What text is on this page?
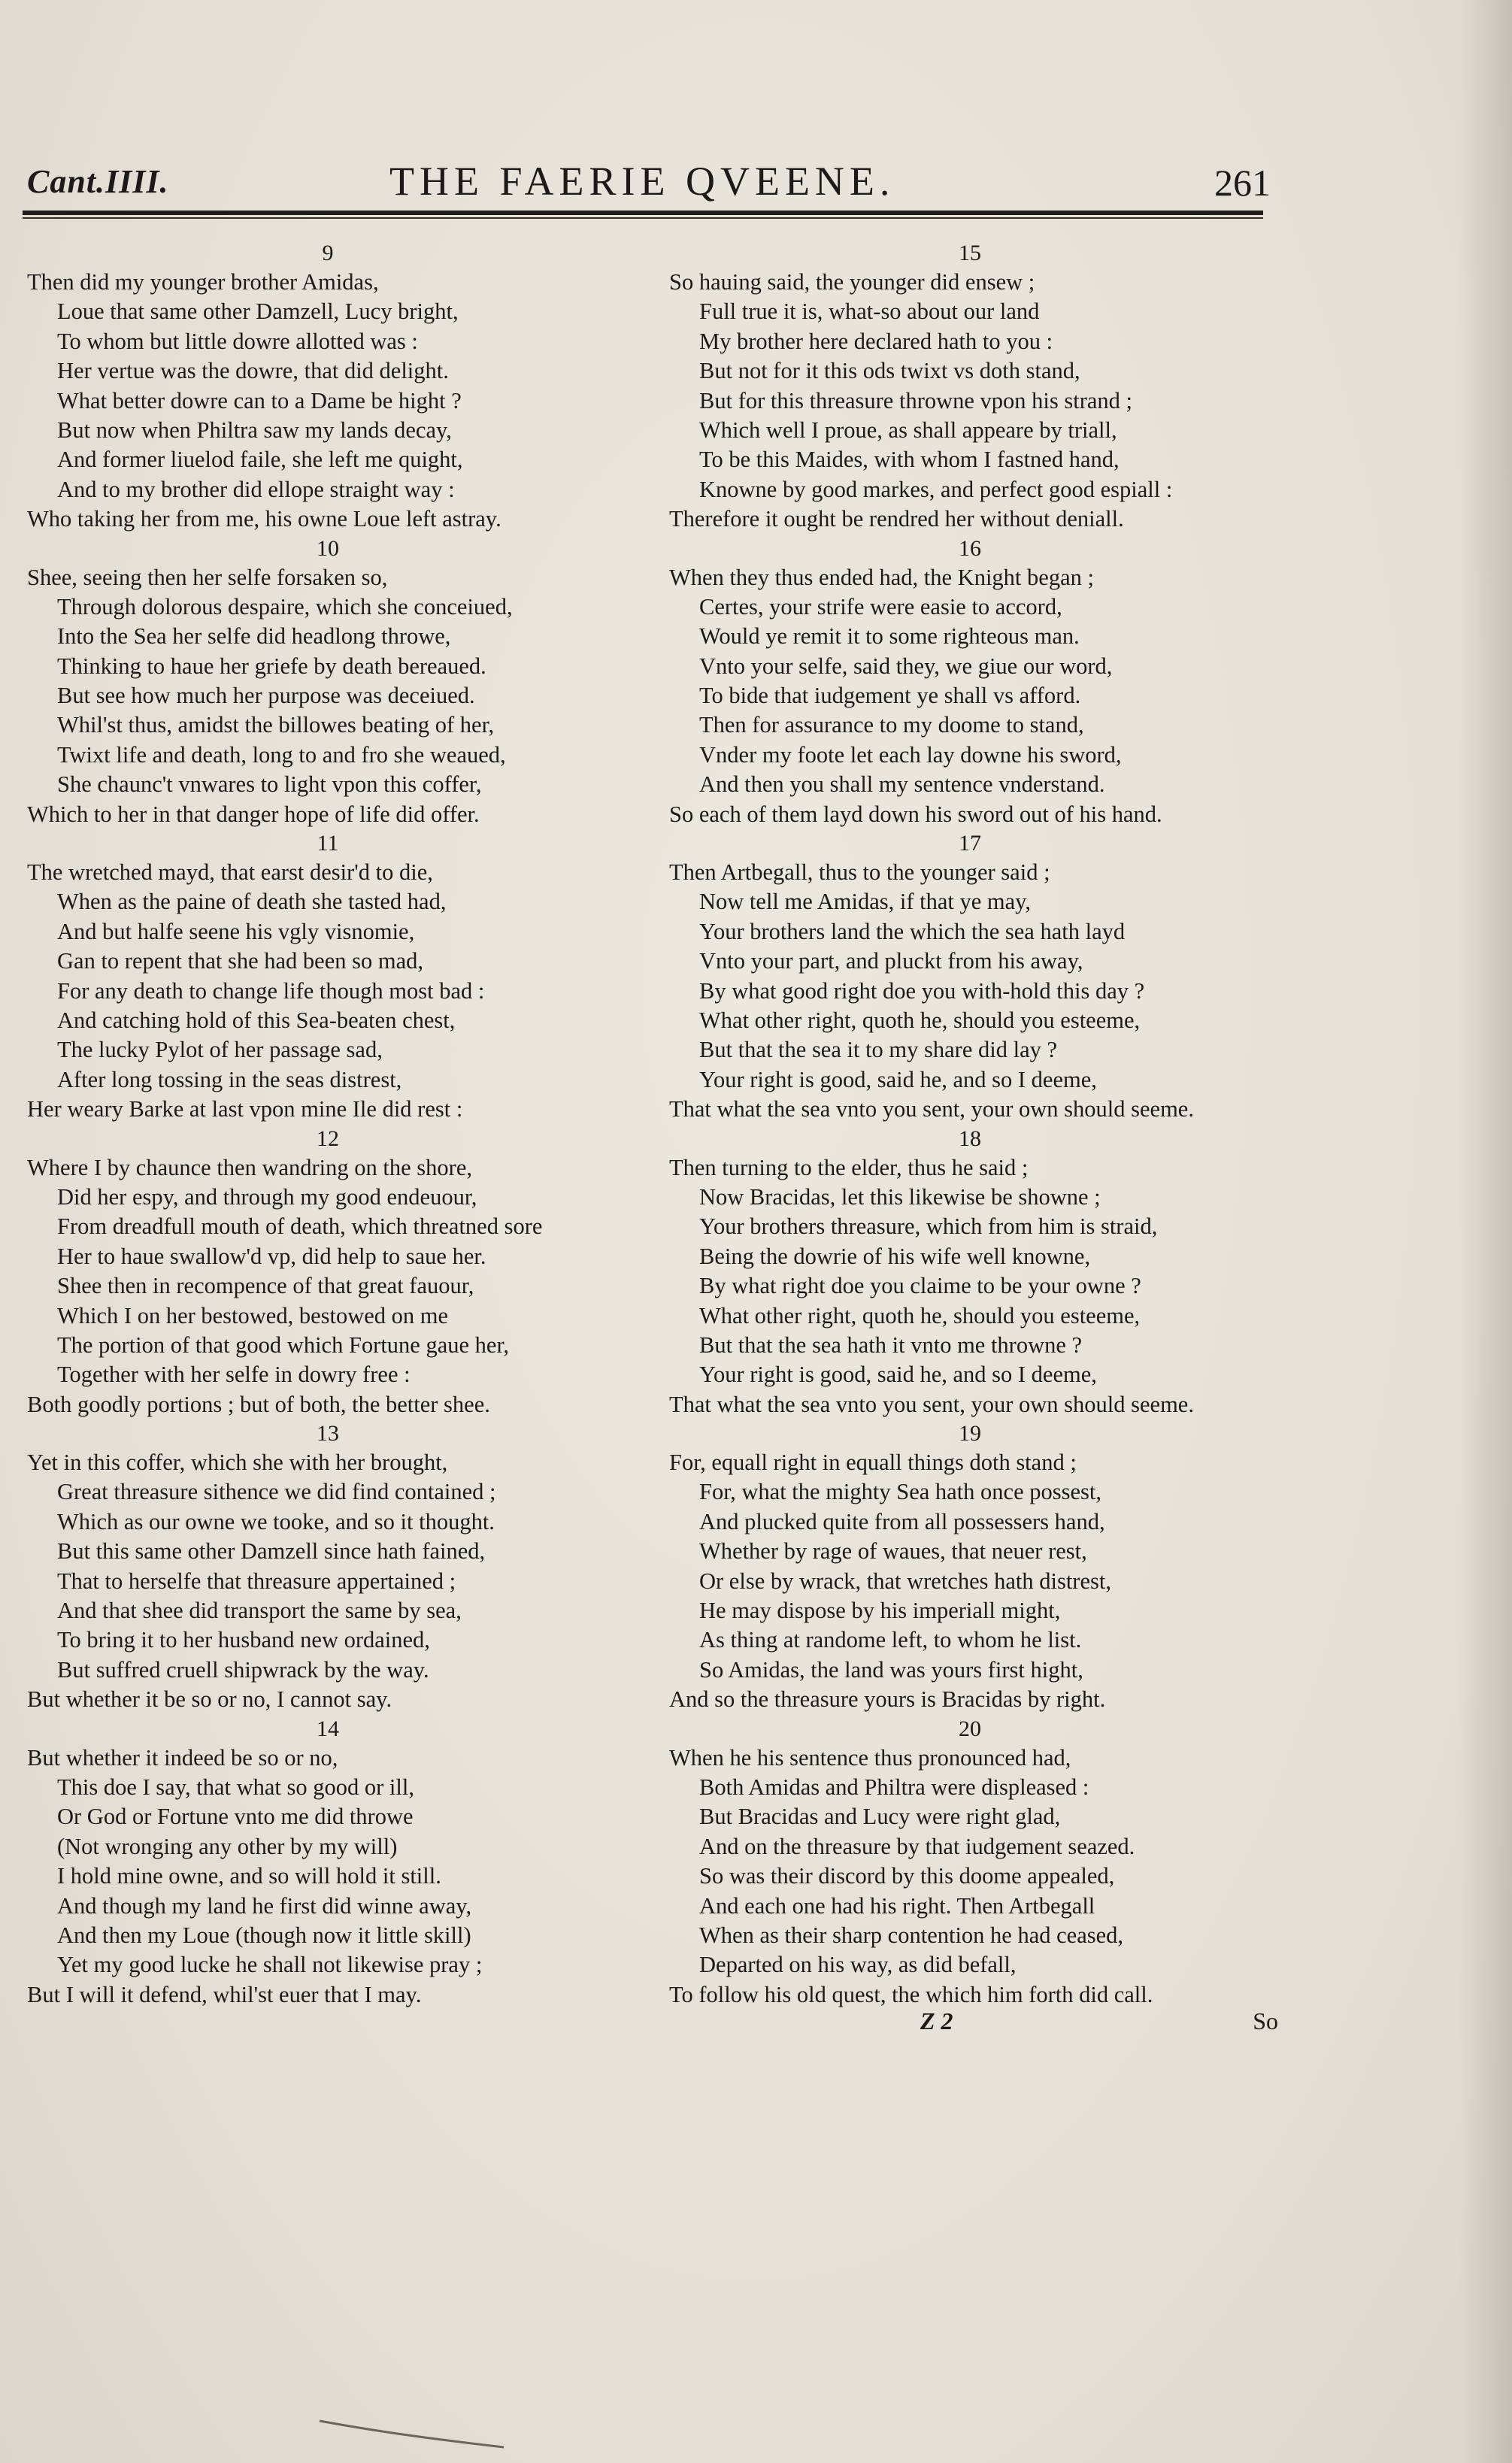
Cant.IIII.	THE FAERIE QVEENE.	261
9
Then did my younger brother Amidas,
Loue that same other Damzell, Lucy bright,
To whom but little dowre allotted was :
Her vertue was the dowre, that did delight.
What better dowre can to a Dame be hight ?
But now when Philtra saw my lands decay,
And former liuelod faile, she left me quight,
And to my brother did ellope straight way :
Who taking her from me, his owne Loue left astray.
10
Shee, seeing then her selfe forsaken so,
Through dolorous despaire, which she conceiued,
Into the Sea her selfe did headlong throwe,
Thinking to haue her griefe by death bereaued.
But see how much her purpose was deceiued.
Whil'st thus, amidst the billowes beating of her,
Twixt life and death, long to and fro she weaued,
She chaunc't vnwares to light vpon this coffer,
Which to her in that danger hope of life did offer.
11
The wretched mayd, that earst desir'd to die,
When as the paine of death she tasted had,
And but halfe seene his vgly visnomie,
Gan to repent that she had been so mad,
For any death to change life though most bad :
And catching hold of this Sea-beaten chest,
The lucky Pylot of her passage sad,
After long tossing in the seas distrest,
Her weary Barke at last vpon mine Ile did rest :
12
Where I by chaunce then wandring on the shore,
Did her espy, and through my good endeuour,
From dreadfull mouth of death, which threatned sore
Her to haue swallow'd vp, did help to saue her.
Shee then in recompence of that great fauour,
Which I on her bestowed, bestowed on me
The portion of that good which Fortune gaue her,
Together with her selfe in dowry free :
Both goodly portions ; but of both, the better shee.
13
Yet in this coffer, which she with her brought,
Great threasure sithence we did find contained ;
Which as our owne we tooke, and so it thought.
But this same other Damzell since hath fained,
That to herselfe that threasure appertained ;
And that shee did transport the same by sea,
To bring it to her husband new ordained,
But suffred cruell shipwrack by the way.
But whether it be so or no, I cannot say.
14
But whether it indeed be so or no,
This doe I say, that what so good or ill,
Or God or Fortune vnto me did throwe
(Not wronging any other by my will)
I hold mine owne, and so will hold it still.
And though my land he first did winne away,
And then my Loue (though now it little skill)
Yet my good lucke he shall not likewise pray ;
But I will it defend, whil'st euer that I may.
15
So hauing said, the younger did ensew ;
Full true it is, what-so about our land
My brother here declared hath to you :
But not for it this ods twixt vs doth stand,
But for this threasure throwne vpon his strand ;
Which well I proue, as shall appeare by triall,
To be this Maides, with whom I fastned hand,
Knowne by good markes, and perfect good espiall :
Therefore it ought be rendred her without deniall.
16
When they thus ended had, the Knight began ;
Certes, your strife were easie to accord,
Would ye remit it to some righteous man.
Vnto your selfe, said they, we giue our word,
To bide that iudgement ye shall vs afford.
Then for assurance to my doome to stand,
Vnder my foote let each lay downe his sword,
And then you shall my sentence vnderstand.
So each of them layd down his sword out of his hand.
17
Then Artbegall, thus to the younger said ;
Now tell me Amidas, if that ye may,
Your brothers land the which the sea hath layd
Vnto your part, and pluckt from his away,
By what good right doe you with-hold this day ?
What other right, quoth he, should you esteeme,
But that the sea it to my share did lay ?
Your right is good, said he, and so I deeme,
That what the sea vnto you sent, your own should seeme.
18
Then turning to the elder, thus he said ;
Now Bracidas, let this likewise be showne ;
Your brothers threasure, which from him is straid,
Being the dowrie of his wife well knowne,
By what right doe you claime to be your owne ?
What other right, quoth he, should you esteeme,
But that the sea hath it vnto me throwne ?
Your right is good, said he, and so I deeme,
That what the sea vnto you sent, your own should seeme.
19
For, equall right in equall things doth stand ;
For, what the mighty Sea hath once possest,
And plucked quite from all possessers hand,
Whether by rage of waues, that neuer rest,
Or else by wrack, that wretches hath distrest,
He may dispose by his imperiall might,
As thing at randome left, to whom he list.
So Amidas, the land was yours first hight,
And so the threasure yours is Bracidas by right.
20
When he his sentence thus pronounced had,
Both Amidas and Philtra were displeased :
But Bracidas and Lucy were right glad,
And on the threasure by that iudgement seazed.
So was their discord by this doome appealed,
And each one had his right. Then Artbegall
When as their sharp contention he had ceased,
Departed on his way, as did befall,
To follow his old quest, the which him forth did call.
Z 2	So
